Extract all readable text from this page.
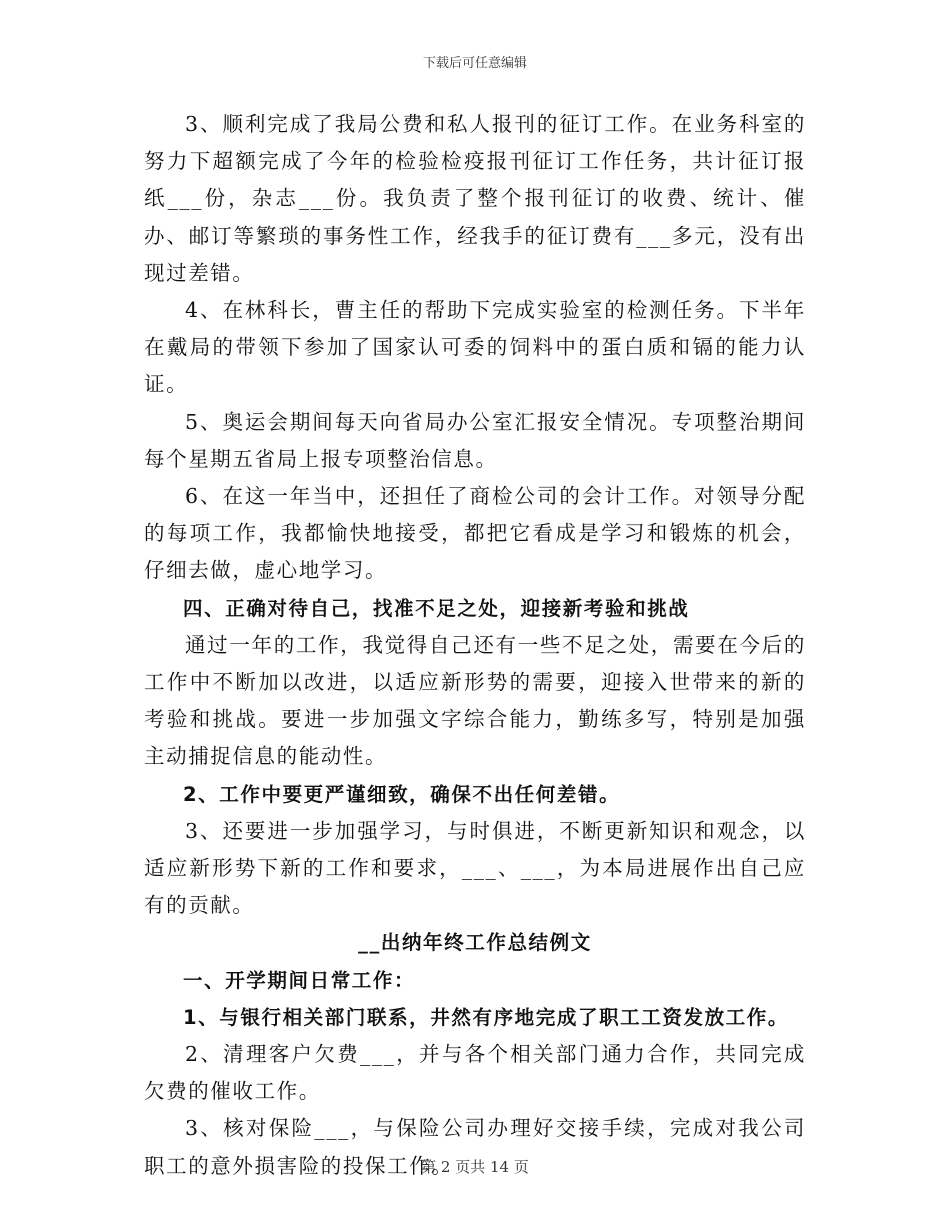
下载后可任意编辑

3、顺利完成了我局公费和私人报刊的征订工作。在业务科室的努力下超额完成了今年的检验检疫报刊征订工作任务，共计征订报纸___份，杂志___份。我负责了整个报刊征订的收费、统计、催办、邮订等繁琐的事务性工作，经我手的征订费有___多元，没有出现过差错。

4、在林科长，曹主任的帮助下完成实验室的检测任务。下半年在戴局的带领下参加了国家认可委的饲料中的蛋白质和镉的能力认证。

5、奥运会期间每天向省局办公室汇报安全情况。专项整治期间每个星期五省局上报专项整治信息。

6、在这一年当中，还担任了商检公司的会计工作。对领导分配的每项工作，我都愉快地接受，都把它看成是学习和锻炼的机会，仔细去做，虚心地学习。

四、正确对待自己，找准不足之处，迎接新考验和挑战

通过一年的工作，我觉得自己还有一些不足之处，需要在今后的工作中不断加以改进，以适应新形势的需要，迎接入世带来的新的考验和挑战。要进一步加强文字综合能力，勤练多写，特别是加强主动捕捉信息的能动性。

2、工作中要更严谨细致，确保不出任何差错。

3、还要进一步加强学习，与时俱进，不断更新知识和观念，以适应新形势下新的工作和要求，___、___，为本局进展作出自己应有的贡献。

__出纳年终工作总结例文

一、开学期间日常工作：

1、与银行相关部门联系，井然有序地完成了职工工资发放工作。

2、清理客户欠费___，并与各个相关部门通力合作，共同完成欠费的催收工作。

3、核对保险___，与保险公司办理好交接手续，完成对我公司职工的意外损害险的投保工作。

第 2 页共 14 页
